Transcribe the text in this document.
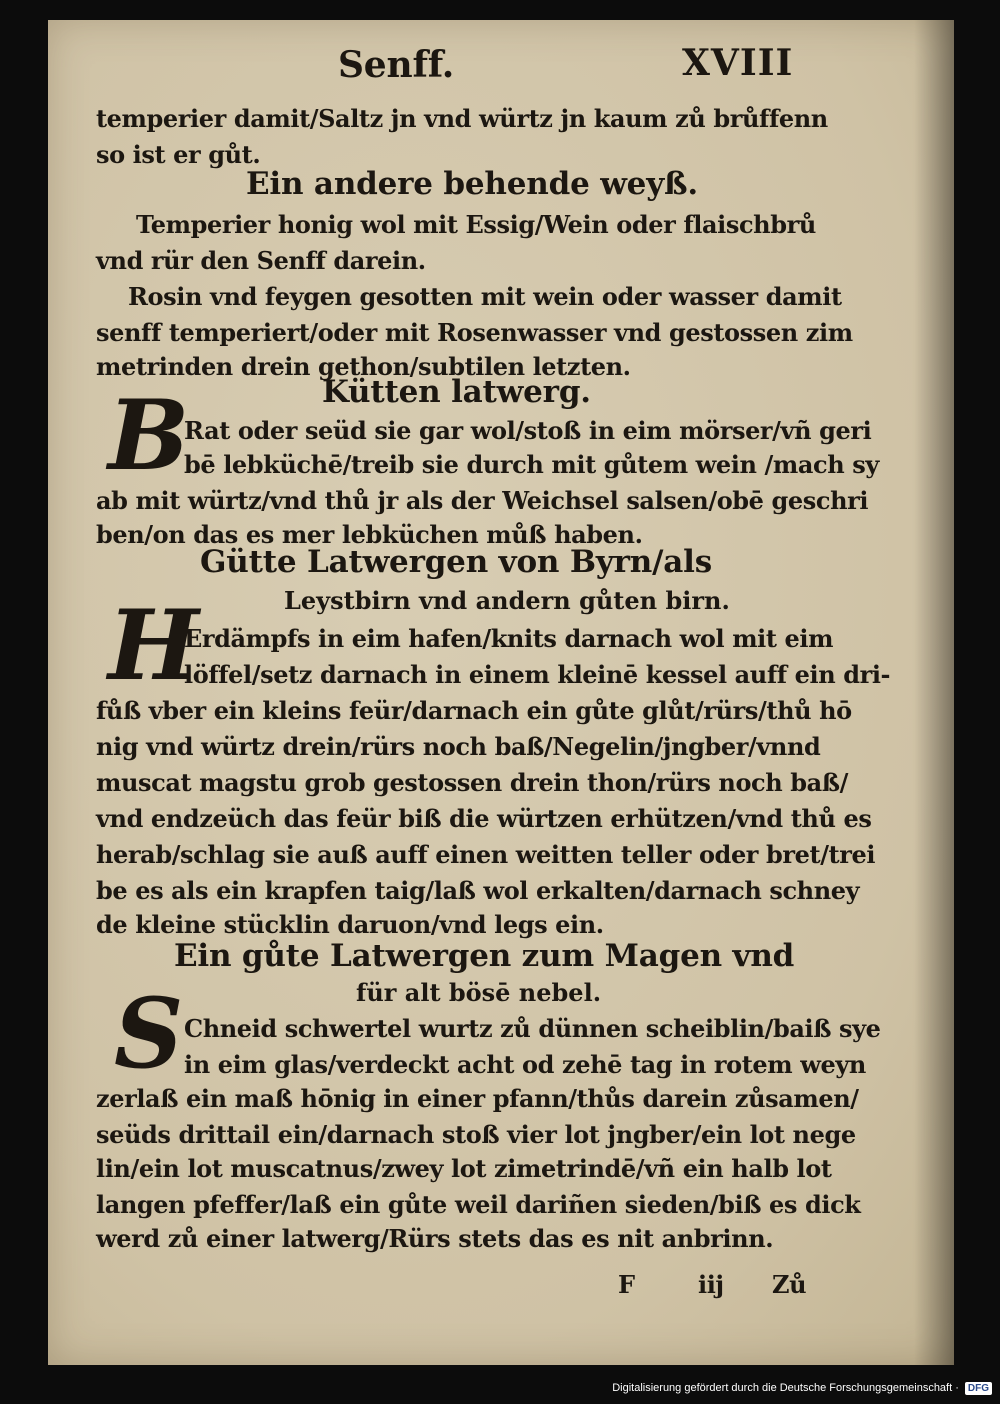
Senff.	XVIII
temperier damit/Saltz jn vnd würtz jn kaum zů brůffenn
so ist er gůt.
Ein andere behende weyß.
Temperier honig wol mit Essig/Wein oder flaischbrů
vnd rür den Senff darein.
Rosin vnd feygen gesotten mit wein oder wasser damit
senff temperiert/oder mit Rosenwasser vnd gestossen zim
metrinden drein gethon/subtilen letzten.
Kütten latwerg.
B
Rat oder seüd sie gar wol/stoß in eim mörser/vñ geri
bē lebküchē/treib sie durch mit gůtem wein /mach sy
ab mit würtz/vnd thů jr als der Weichsel salsen/obē geschri
ben/on das es mer lebküchen můß haben.
Gütte Latwergen von Byrn/als
Leystbirn vnd andern gůten birn.
H
Erdämpfs in eim hafen/knits darnach wol mit eim
löffel/setz darnach in einem kleinē kessel auff ein dri-
fůß vber ein kleins feür/darnach ein gůte glůt/rürs/thů hō
nig vnd würtz drein/rürs noch baß/Negelin/jngber/vnnd
muscat magstu grob gestossen drein thon/rürs noch baß/
vnd endzeüch das feür biß die würtzen erhützen/vnd thů es
herab/schlag sie auß auff einen weitten teller oder bret/trei
be es als ein krapfen taig/laß wol erkalten/darnach schney
de kleine stücklin daruon/vnd legs ein.
Ein gůte Latwergen zum Magen vnd
für alt bösē nebel.
S Chneid schwertel wurtz zů dünnen scheiblin/baiß sye
in eim glas/verdeckt acht od zehē tag in rotem weyn
zerlaß ein maß hōnig in einer pfann/thůs darein zůsamen/
seüds drittail ein/darnach stoß vier lot jngber/ein lot nege
lin/ein lot muscatnus/zwey lot zimetrindē/vñ ein halb lot
langen pfeffer/laß ein gůte weil dariñen sieden/biß es dick
werd zů einer latwerg/Rürs stets das es nit anbrinn.
F	iij Zů
Digitalisierung gefördert durch die Deutsche Forschungsgemeinschaft · DFG
